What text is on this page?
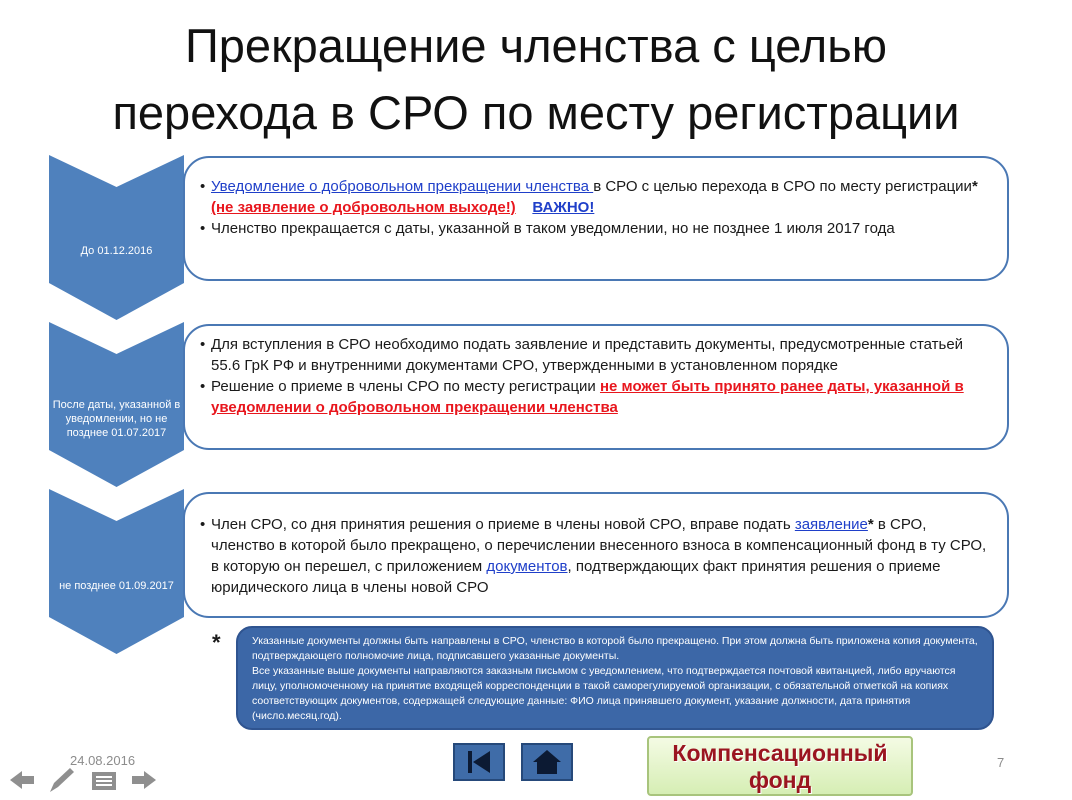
Прекращение членства с целью
перехода в СРО по месту регистрации
До 01.12.2016
• Уведомление о добровольном прекращении членства в СРО с целью перехода в СРО по месту регистрации* (не заявление о добровольном выходе!) ВАЖНО!
• Членство прекращается с даты, указанной в таком уведомлении, но не позднее 1 июля 2017 года
После даты, указанной в уведомлении, но не позднее 01.07.2017
• Для вступления в СРО необходимо подать заявление и представить документы, предусмотренные статьей 55.6 ГрК РФ и внутренними документами СРО, утвержденными в установленном порядке
• Решение о приеме в члены СРО по месту регистрации не может быть принято ранее даты, указанной в уведомлении о добровольном прекращении членства
не позднее 01.09.2017
• Член СРО, со дня принятия решения о приеме в члены новой СРО, вправе подать заявление* в СРО, членство в которой было прекращено, о перечислении внесенного взноса в компенсационный фонд в ту СРО, в которую он перешел, с приложением документов, подтверждающих факт принятия решения о приеме юридического лица в члены новой СРО
*	Указанные документы должны быть направлены в СРО, членство в которой было прекращено. При этом должна быть приложена копия документа, подтверждающего полномочие лица, подписавшего указанные документы.
Все указанные выше документы направляются заказным письмом с уведомлением, что подтверждается почтовой квитанцией, либо вручаются лицу, уполномоченному на принятие входящей корреспонденции в такой саморегулируемой организации, с обязательной отметкой на копиях соответствующих документов, содержащей следующие данные: ФИО лица принявшего документ, указание должности, дата принятия (число.месяц.год).
24.08.2016	7
Компенсационный
фонд
